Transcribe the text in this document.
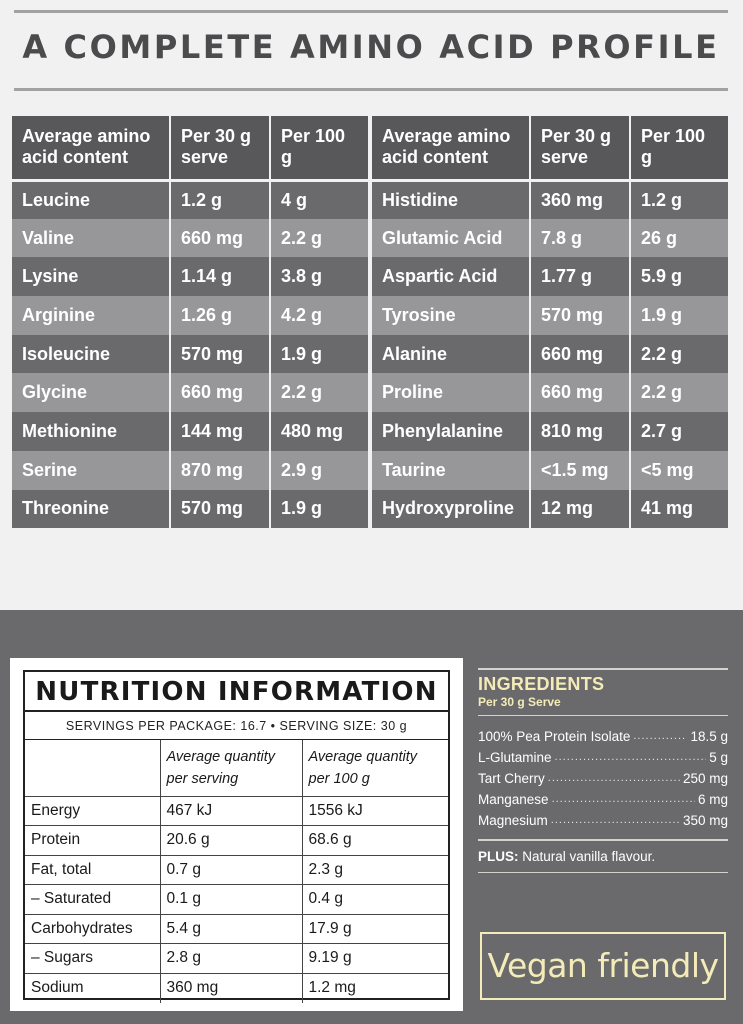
A COMPLETE AMINO ACID PROFILE
Average amino acid content	Per 30 g serve	Per 100 g
Leucine	1.2 g	4 g
Valine	660 mg	2.2 g
Lysine	1.14 g	3.8 g
Arginine	1.26 g	4.2 g
Isoleucine	570 mg	1.9 g
Glycine	660 mg	2.2 g
Methionine	144 mg	480 mg
Serine	870 mg	2.9 g
Threonine	570 mg	1.9 g
Average amino acid content	Per 30 g serve	Per 100 g
Histidine	360 mg	1.2 g
Glutamic Acid	7.8 g	26 g
Aspartic Acid	1.77 g	5.9 g
Tyrosine	570 mg	1.9 g
Alanine	660 mg	2.2 g
Proline	660 mg	2.2 g
Phenylalanine	810 mg	2.7 g
Taurine	<1.5 mg	<5 mg
Hydroxyproline	12 mg	41 mg
NUTRITION INFORMATION
SERVINGS PER PACKAGE: 16.7 • SERVING SIZE: 30 g
	Average quantity per serving	Average quantity per 100 g
Energy	467 kJ	1556 kJ
Protein	20.6 g	68.6 g
Fat, total	0.7 g	2.3 g
– Saturated	0.1 g	0.4 g
Carbohydrates	5.4 g	17.9 g
– Sugars	2.8 g	9.19 g
Sodium	360 mg	1.2 mg
INGREDIENTS
Per 30 g Serve
100% Pea Protein Isolate .....	18.5 g
L-Glutamine .....	5 g
Tart Cherry .....	250 mg
Manganese .....	6 mg
Magnesium .....	350 mg
PLUS: Natural vanilla flavour.
Vegan friendly
